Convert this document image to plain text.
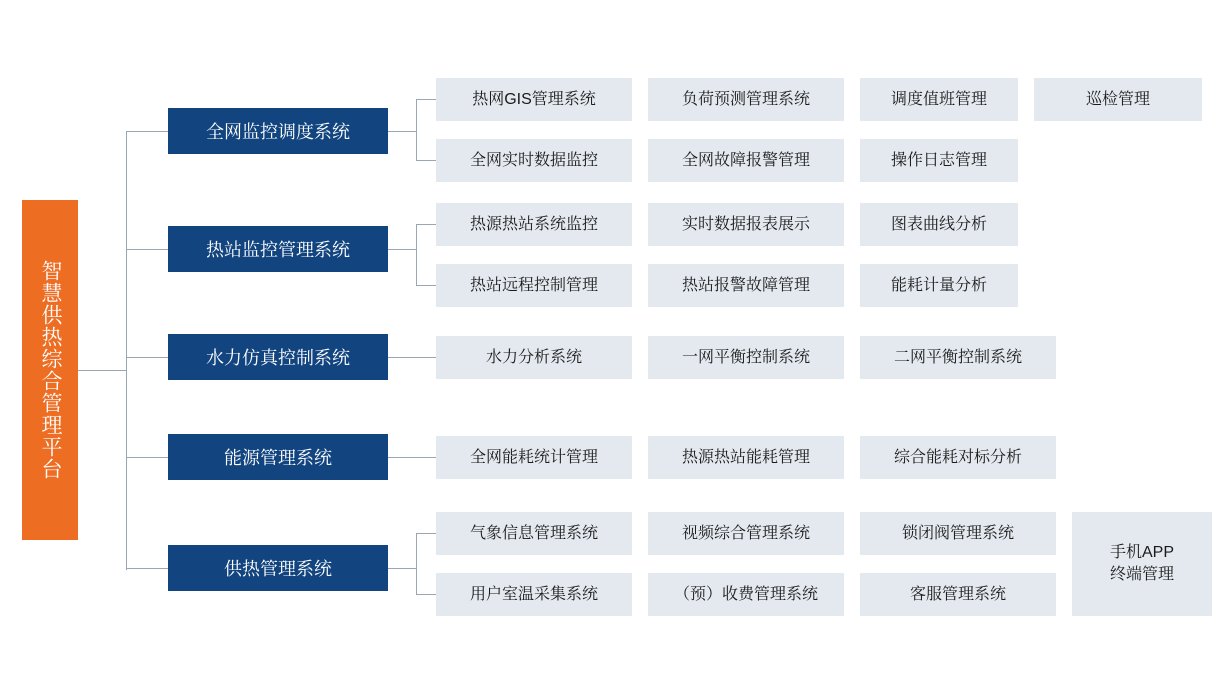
智慧供热综合管理平台
全网监控调度系统
热网GIS管理系统	负荷预测管理系统	调度值班管理	巡检管理
全网实时数据监控	全网故障报警管理	操作日志管理
热站监控管理系统
热源热站系统监控	实时数据报表展示	图表曲线分析
热站远程控制管理	热站报警故障管理	能耗计量分析
水力仿真控制系统	水力分析系统	一网平衡控制系统	二网平衡控制系统
能源管理系统	全网能耗统计管理	热源热站能耗管理	综合能耗对标分析
供热管理系统
气象信息管理系统	视频综合管理系统	锁闭阀管理系统
手机APP
终端管理
用户室温采集系统	（预）收费管理系统	客服管理系统
